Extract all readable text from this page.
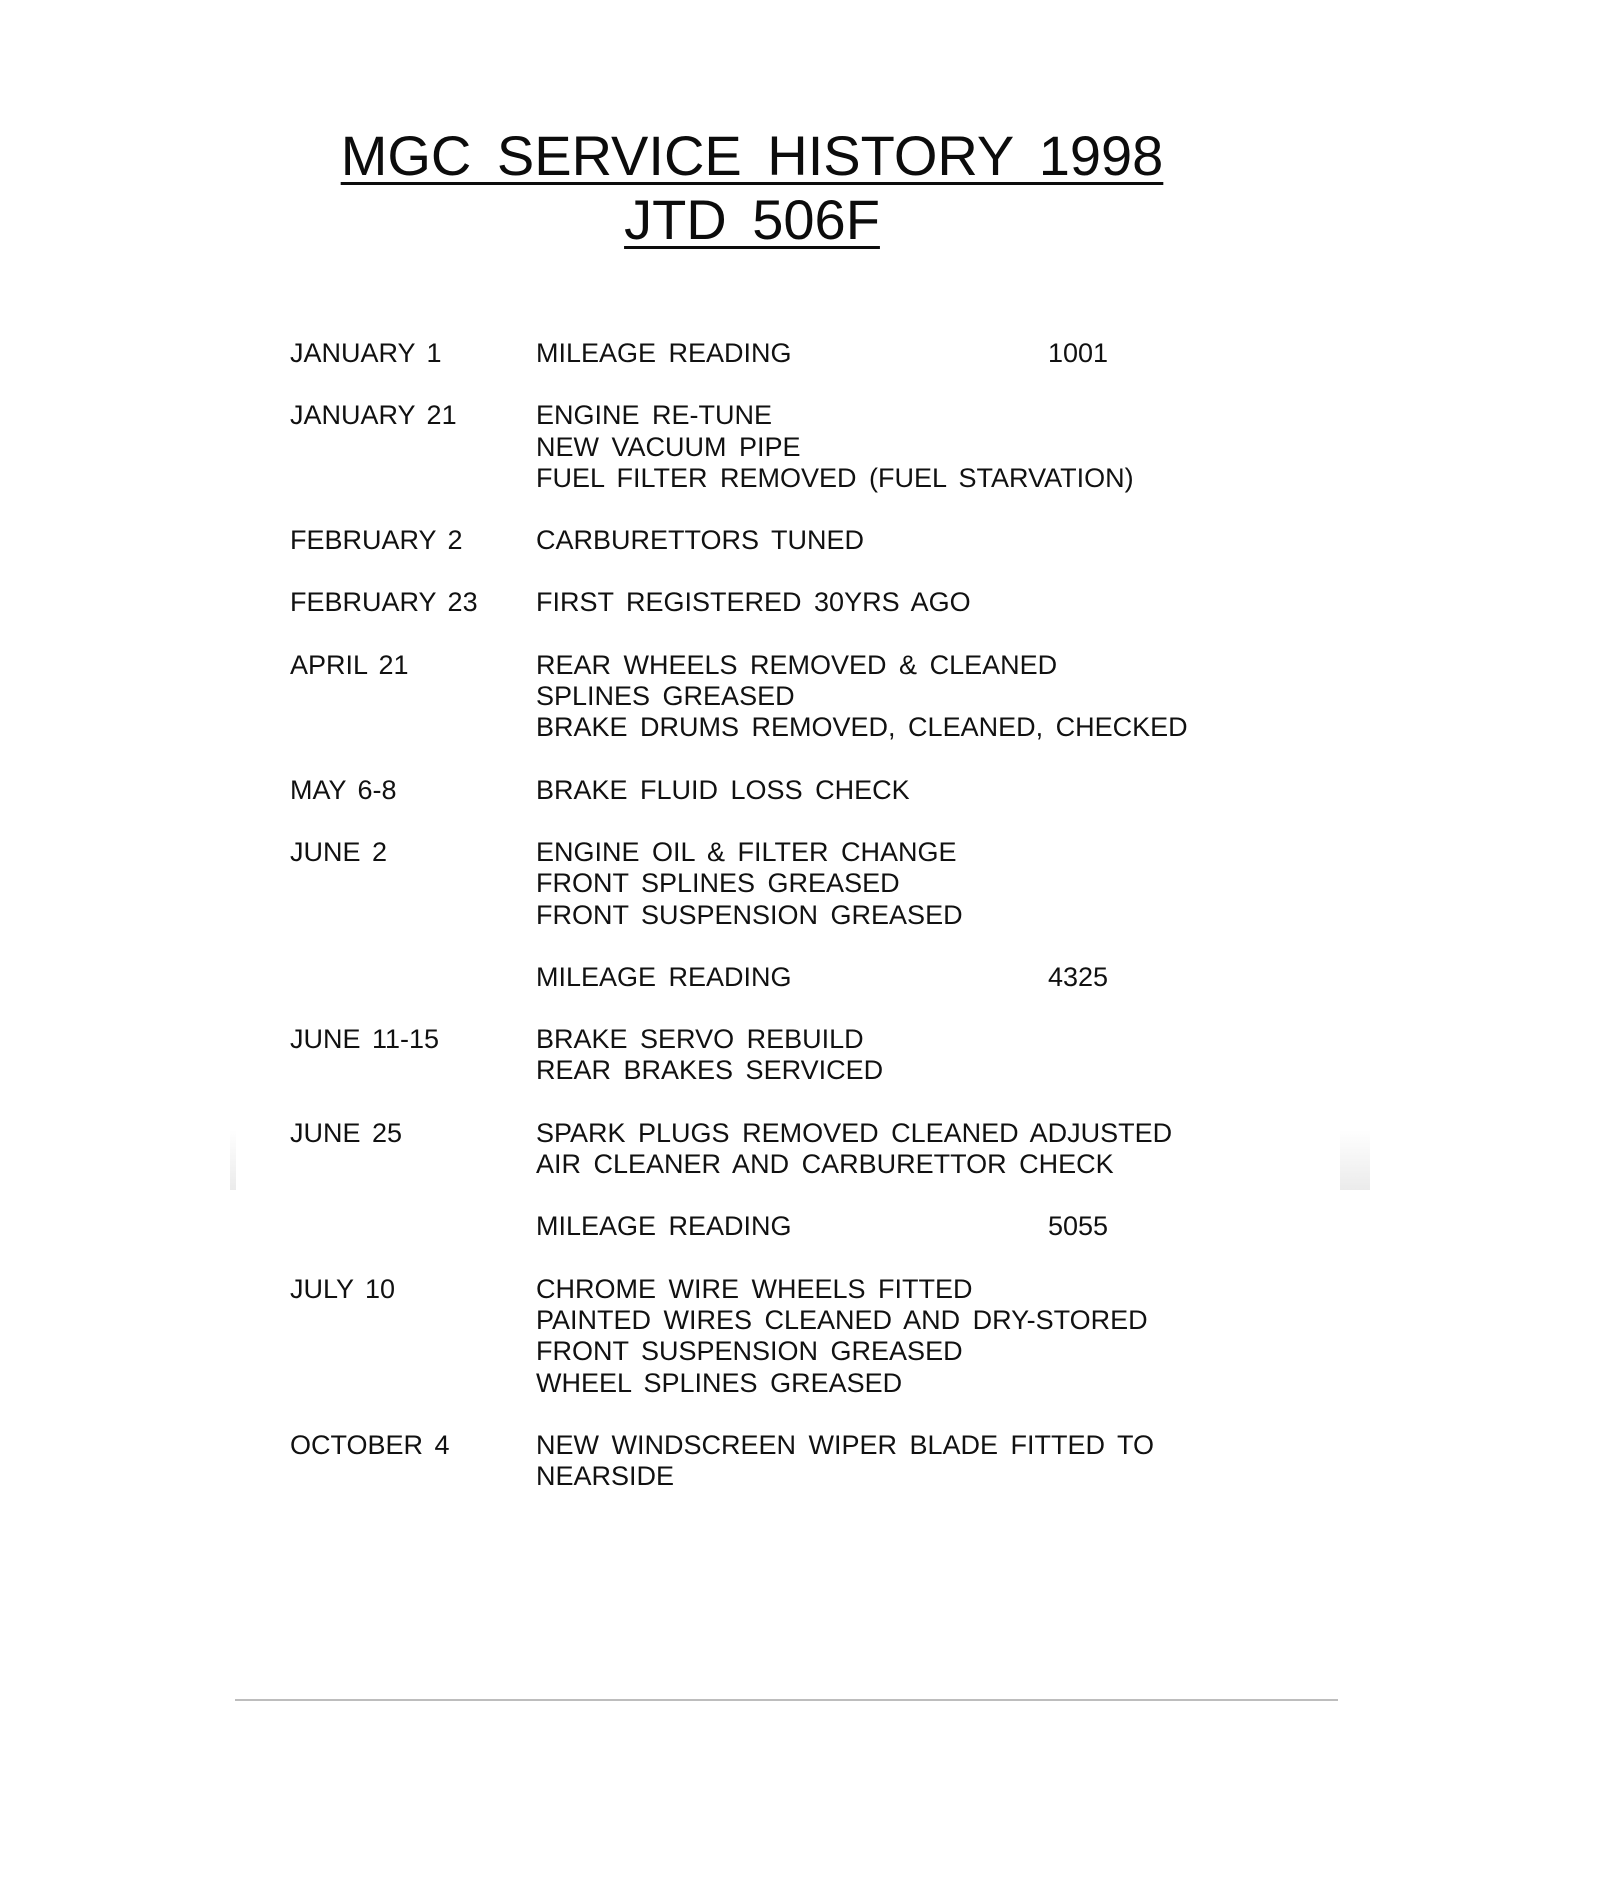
MGC SERVICE HISTORY 1998
JTD 506F
JANUARY 1	MILEAGE READING	1001
JANUARY 21	ENGINE RE-TUNE
NEW VACUUM PIPE
FUEL FILTER REMOVED (FUEL STARVATION)
FEBRUARY 2	CARBURETTORS TUNED
FEBRUARY 23	FIRST REGISTERED 30YRS AGO
APRIL 21	REAR WHEELS REMOVED & CLEANED
SPLINES GREASED
BRAKE DRUMS REMOVED, CLEANED, CHECKED
MAY 6-8	BRAKE FLUID LOSS CHECK
JUNE 2	ENGINE OIL & FILTER CHANGE
FRONT SPLINES GREASED
FRONT SUSPENSION GREASED
MILEAGE READING	4325
JUNE 11-15	BRAKE SERVO REBUILD
REAR BRAKES SERVICED
JUNE 25	SPARK PLUGS REMOVED CLEANED ADJUSTED
AIR CLEANER AND CARBURETTOR CHECK
MILEAGE READING	5055
JULY 10	CHROME WIRE WHEELS FITTED
PAINTED WIRES CLEANED AND DRY-STORED
FRONT SUSPENSION GREASED
WHEEL SPLINES GREASED
OCTOBER 4	NEW WINDSCREEN WIPER BLADE FITTED TO
NEARSIDE
